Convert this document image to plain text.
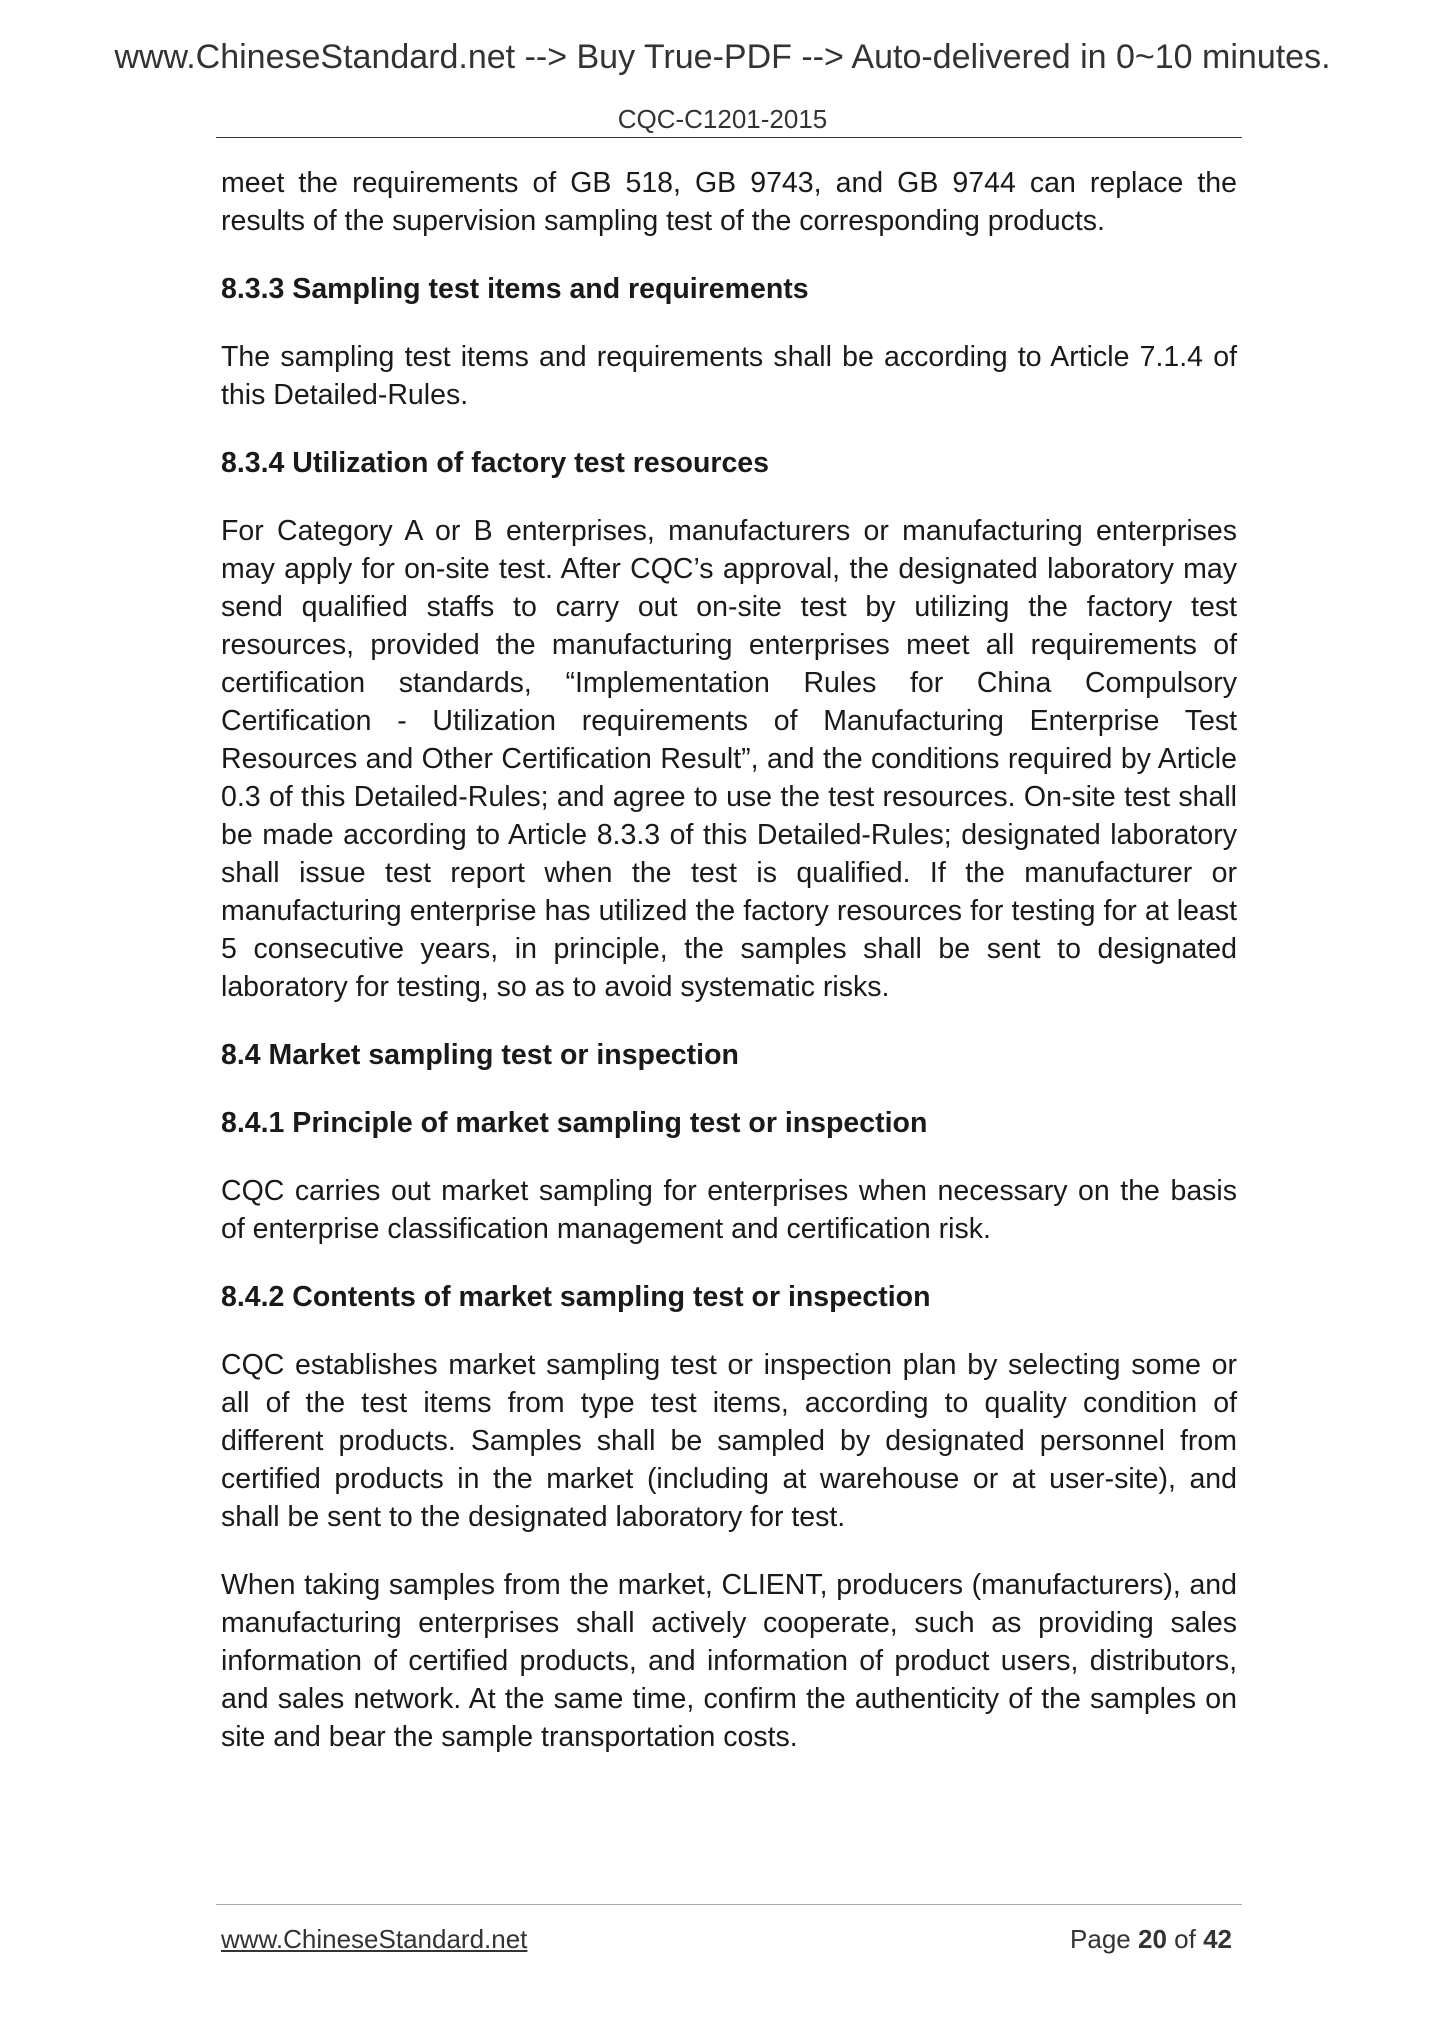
www.ChineseStandard.net --> Buy True-PDF --> Auto-delivered in 0~10 minutes.
CQC-C1201-2015

meet the requirements of GB 518, GB 9743, and GB 9744 can replace the results of the supervision sampling test of the corresponding products.

8.3.3 Sampling test items and requirements

The sampling test items and requirements shall be according to Article 7.1.4 of this Detailed-Rules.

8.3.4 Utilization of factory test resources

For Category A or B enterprises, manufacturers or manufacturing enterprises may apply for on-site test. After CQC’s approval, the designated laboratory may send qualified staffs to carry out on-site test by utilizing the factory test resources, provided the manufacturing enterprises meet all requirements of certification standards, “Implementation Rules for China Compulsory Certification - Utilization requirements of Manufacturing Enterprise Test Resources and Other Certification Result”, and the conditions required by Article 0.3 of this Detailed-Rules; and agree to use the test resources. On-site test shall be made according to Article 8.3.3 of this Detailed-Rules; designated laboratory shall issue test report when the test is qualified. If the manufacturer or manufacturing enterprise has utilized the factory resources for testing for at least 5 consecutive years, in principle, the samples shall be sent to designated laboratory for testing, so as to avoid systematic risks.

8.4 Market sampling test or inspection
8.4.1 Principle of market sampling test or inspection

CQC carries out market sampling for enterprises when necessary on the basis of enterprise classification management and certification risk.

8.4.2 Contents of market sampling test or inspection

CQC establishes market sampling test or inspection plan by selecting some or all of the test items from type test items, according to quality condition of different products. Samples shall be sampled by designated personnel from certified products in the market (including at warehouse or at user-site), and shall be sent to the designated laboratory for test.

When taking samples from the market, CLIENT, producers (manufacturers), and manufacturing enterprises shall actively cooperate, such as providing sales information of certified products, and information of product users, distributors, and sales network. At the same time, confirm the authenticity of the samples on site and bear the sample transportation costs.

www.ChineseStandard.net	Page 20 of 42
